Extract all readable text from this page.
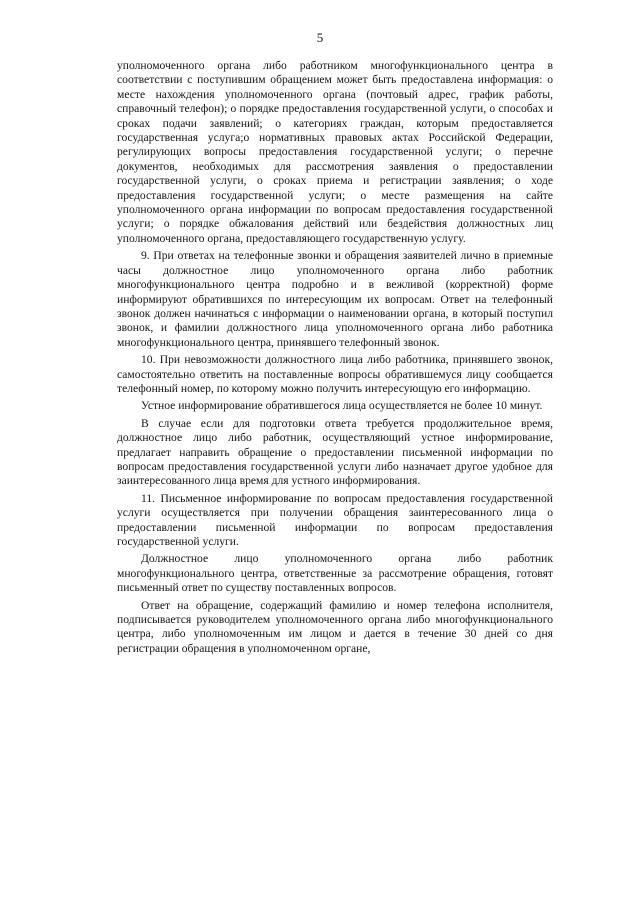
5

уполномоченного органа либо работником многофункционального центра в соответствии с поступившим обращением может быть предоставлена информация: о месте нахождения уполномоченного органа (почтовый адрес, график работы, справочный телефон); о порядке предоставления государственной услуги, о способах и сроках подачи заявлений; о категориях граждан, которым предоставляется государственная услуга;о нормативных правовых актах Российской Федерации, регулирующих вопросы предоставления государственной услуги; о перечне документов, необходимых для рассмотрения заявления о предоставлении государственной услуги, о сроках приема и регистрации заявления; о ходе предоставления государственной услуги; о месте размещения на сайте уполномоченного органа информации по вопросам предоставления государственной услуги; о порядке обжалования действий или бездействия должностных лиц уполномоченного органа, предоставляющего государственную услугу.

9. При ответах на телефонные звонки и обращения заявителей лично в приемные часы должностное лицо уполномоченного органа либо работник многофункционального центра подробно и в вежливой (корректной) форме информируют обратившихся по интересующим их вопросам. Ответ на телефонный звонок должен начинаться с информации о наименовании органа, в который поступил звонок, и фамилии должностного лица уполномоченного органа либо работника многофункционального центра, принявшего телефонный звонок.

10. При невозможности должностного лица либо работника, принявшего звонок, самостоятельно ответить на поставленные вопросы обратившемуся лицу сообщается телефонный номер, по которому можно получить интересующую его информацию.

Устное информирование обратившегося лица осуществляется не более 10 минут.

В случае если для подготовки ответа требуется продолжительное время, должностное лицо либо работник, осуществляющий устное информирование, предлагает направить обращение о предоставлении письменной информации по вопросам предоставления государственной услуги либо назначает другое удобное для заинтересованного лица время для устного информирования.

11. Письменное информирование по вопросам предоставления государственной услуги осуществляется при получении обращения заинтересованного лица о предоставлении письменной информации по вопросам предоставления государственной услуги.

Должностное лицо уполномоченного органа либо работник многофункционального центра, ответственные за рассмотрение обращения, готовят письменный ответ по существу поставленных вопросов.

Ответ на обращение, содержащий фамилию и номер телефона исполнителя, подписывается руководителем уполномоченного органа либо многофункционального центра, либо уполномоченным им лицом и дается в течение 30 дней со дня регистрации обращения в уполномоченном органе,
